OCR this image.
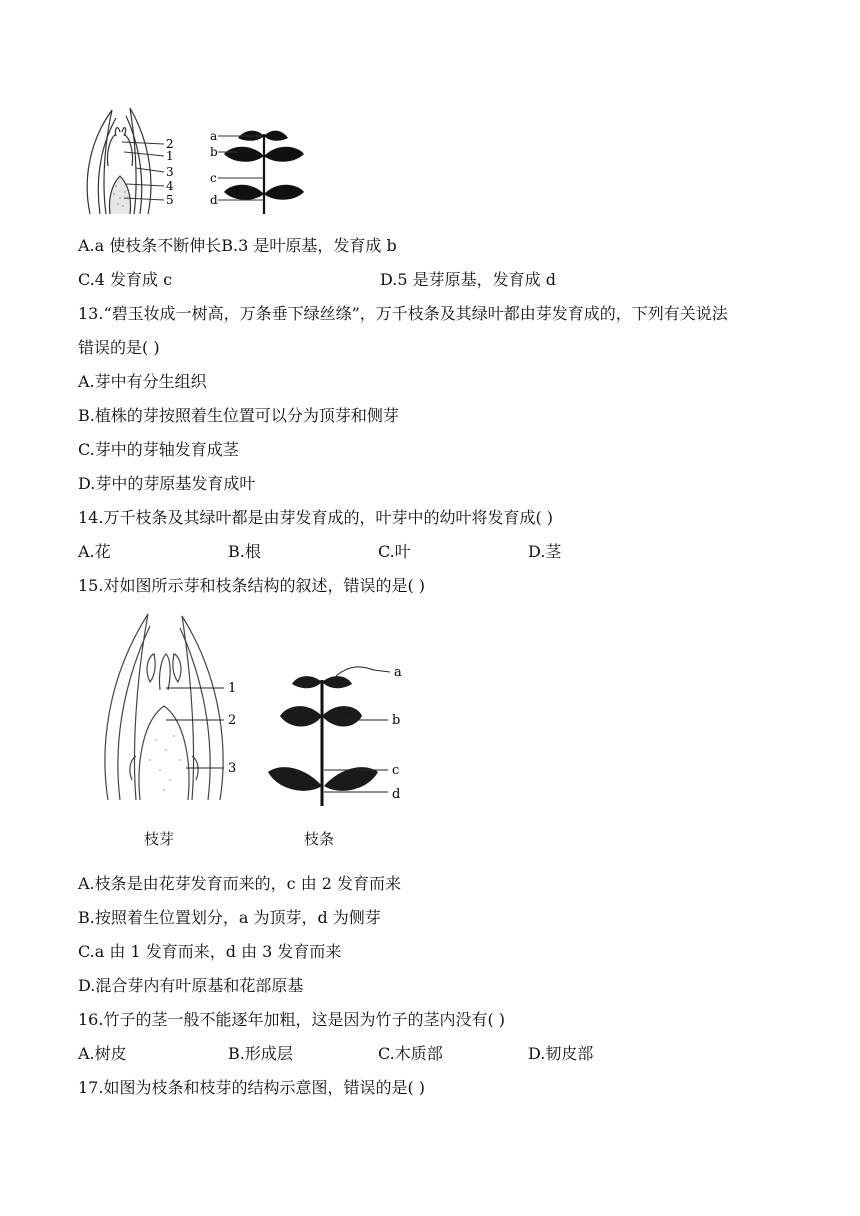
2
1
3
4
5
a
b
c
d
A.a 使枝条不断伸长B.3 是叶原基，发育成 b
C.4 发育成 c	D.5 是芽原基，发育成 d
13.“碧玉妆成一树高，万条垂下绿丝绦”，万千枝条及其绿叶都由芽发育成的，下列有关说法
错误的是( )
A.芽中有分生组织
B.植株的芽按照着生位置可以分为顶芽和侧芽
C.芽中的芽轴发育成茎
D.芽中的芽原基发育成叶
14.万千枝条及其绿叶都是由芽发育成的，叶芽中的幼叶将发育成( )
A.花	B.根	C.叶	D.茎
15.对如图所示芽和枝条结构的叙述，错误的是( )
1
2
3
a
b
c
d
枝芽	枝条
A.枝条是由花芽发育而来的，c 由 2 发育而来
B.按照着生位置划分，a 为顶芽，d 为侧芽
C.a 由 1 发育而来，d 由 3 发育而来
D.混合芽内有叶原基和花部原基
16.竹子的茎一般不能逐年加粗，这是因为竹子的茎内没有( )
A.树皮	B.形成层	C.木质部	D.韧皮部
17.如图为枝条和枝芽的结构示意图，错误的是( )
